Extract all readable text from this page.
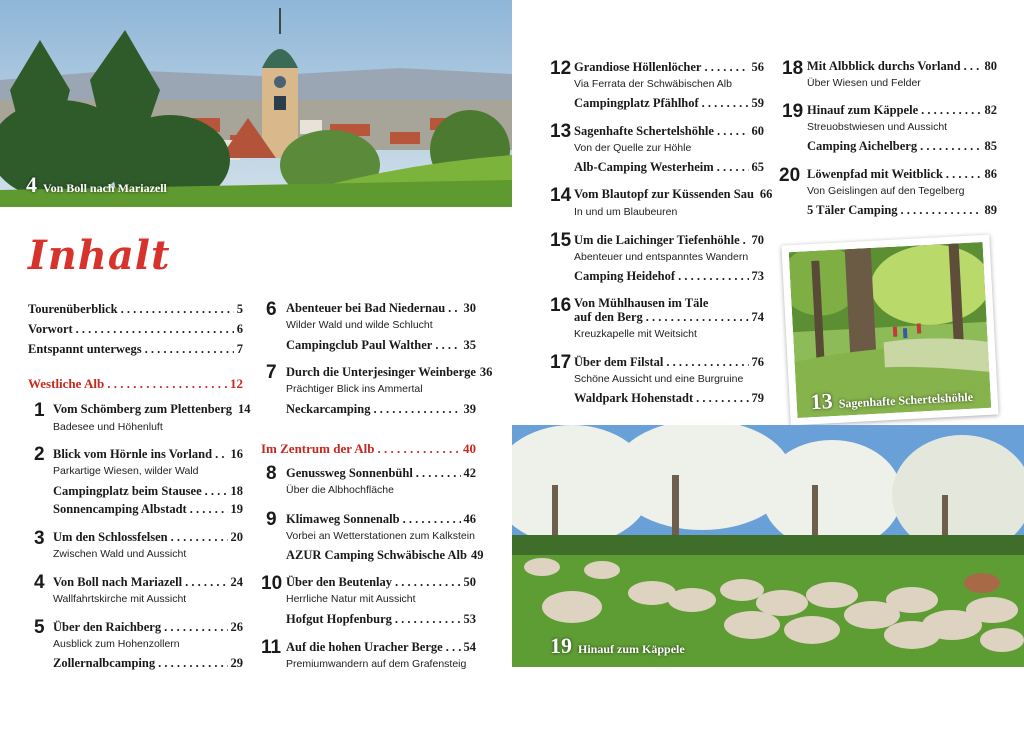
4 Von Boll nach Mariazell
Inhalt
Tourenüberblick . . .	5
Vorwort . . .	6
Entspannt unterwegs . . .	7
Westliche Alb . . .	12
1 Vom Schömberg zum Plettenberg 14
Badesee und Höhenluft
2 Blick vom Hörnle ins Vorland . . . 16
Parkartige Wiesen, wilder Wald
Campingplatz beim Stausee . . . 18
Sonnencamping Albstadt . . .	19
3 Um den Schlossfelsen . . .	20
Zwischen Wald und Aussicht
4 Von Boll nach Mariazell . . .	24
Wallfahrtskirche mit Aussicht
5 Über den Raichberg . . .	26
Ausblick zum Hohenzollern
Zollernalbcamping . . .	29
6 Abenteuer bei Bad Niedernau . . . 30
Wilder Wald und wilde Schlucht
Campingclub Paul Walther . . . 35
7 Durch die Unterjesinger Weinberge 36
Prächtiger Blick ins Ammertal
Neckarcamping . . .	39
Im Zentrum der Alb . . .	40
8 Genussweg Sonnenbühl . . .	42
Über die Albhochfläche
9 Klimaweg Sonnenalb . . .	46
Vorbei an Wetterstationen zum Kalkstein
AZUR Camping Schwäbische Alb 49
10 Über den Beutenlay . . .	50
Herrliche Natur mit Aussicht
Hofgut Hopfenburg . . .	53
11 Auf die hohen Uracher Berge . . . 54
Premiumwandern auf dem Grafensteig
12 Grandiose Höllenlöcher . . .	56
Via Ferrata der Schwäbischen Alb
Campingplatz Pfählhof . . .	59
13 Sagenhafte Schertelshöhle . . .	60
Von der Quelle zur Höhle
Alb-Camping Westerheim . . .	65
14 Vom Blautopf zur Küssenden Sau 66
In und um Blaubeuren
15 Um die Laichinger Tiefenhöhle . . . 70
Abenteuer und entspanntes Wandern
Camping Heidehof . . .	73
16 Von Mühlhausen im Täle
auf den Berg . . .	74
Kreuzkapelle mit Weitsicht
17 Über dem Filstal . . .	76
Schöne Aussicht und eine Burgruine
Waldpark Hohenstadt . . .	79
18 Mit Albblick durchs Vorland . . . 80
Über Wiesen und Felder
19 Hinauf zum Käppele . . .	82
Streuobstwiesen und Aussicht
Camping Aichelberg . . .	85
20 Löwenpfad mit Weitblick . . .	86
Von Geislingen auf den Tegelberg
5 Täler Camping . . .	89
13 Sagenhafte Schertelshöhle
19 Hinauf zum Käppele
